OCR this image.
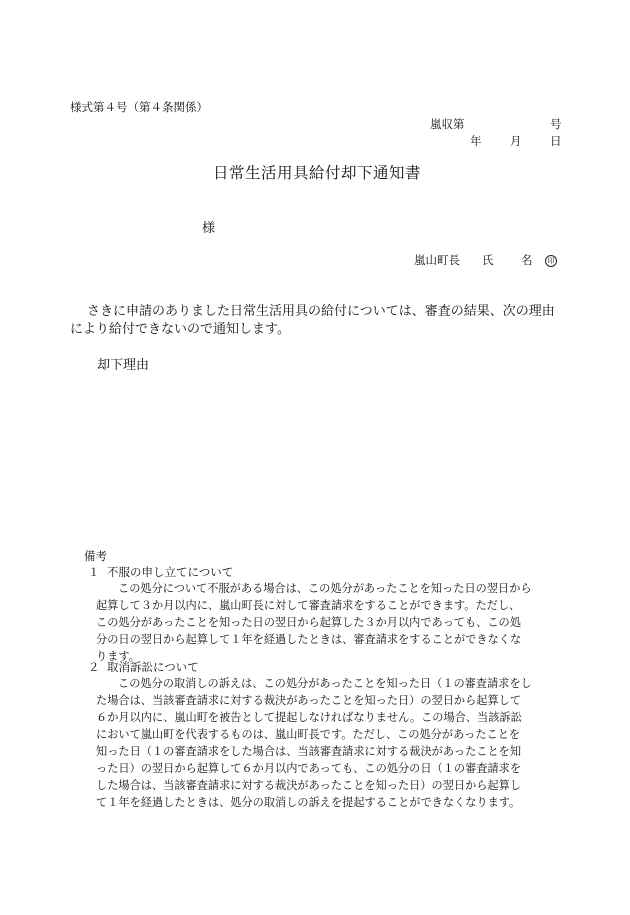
様式第４号（第４条関係）
嵐収第	号
年 月 日
日常生活用具給付却下通知書
様
嵐山町長 氏 名	印
さきに申請のありました日常生活用具の給付については、審査の結果、次の理由
により給付できないので通知します。
却下理由
備考
１ 不服の申し立てについて
この処分について不服がある場合は、この処分があったことを知った日の翌日から
起算して３か月以内に、嵐山町長に対して審査請求をすることができます。ただし、
この処分があったことを知った日の翌日から起算した３か月以内であっても、この処
分の日の翌日から起算して１年を経過したときは、審査請求をすることができなくな
ります。
２ 取消訴訟について
この処分の取消しの訴えは、この処分があったことを知った日（１の審査請求をし
た場合は、当該審査請求に対する裁決があったことを知った日）の翌日から起算して
６か月以内に、嵐山町を被告として提起しなければなりません。この場合、当該訴訟
において嵐山町を代表するものは、嵐山町長です。ただし、この処分があったことを
知った日（１の審査請求をした場合は、当該審査請求に対する裁決があったことを知
った日）の翌日から起算して６か月以内であっても、この処分の日（１の審査請求を
した場合は、当該審査請求に対する裁決があったことを知った日）の翌日から起算し
て１年を経過したときは、処分の取消しの訴えを提起することができなくなります。
